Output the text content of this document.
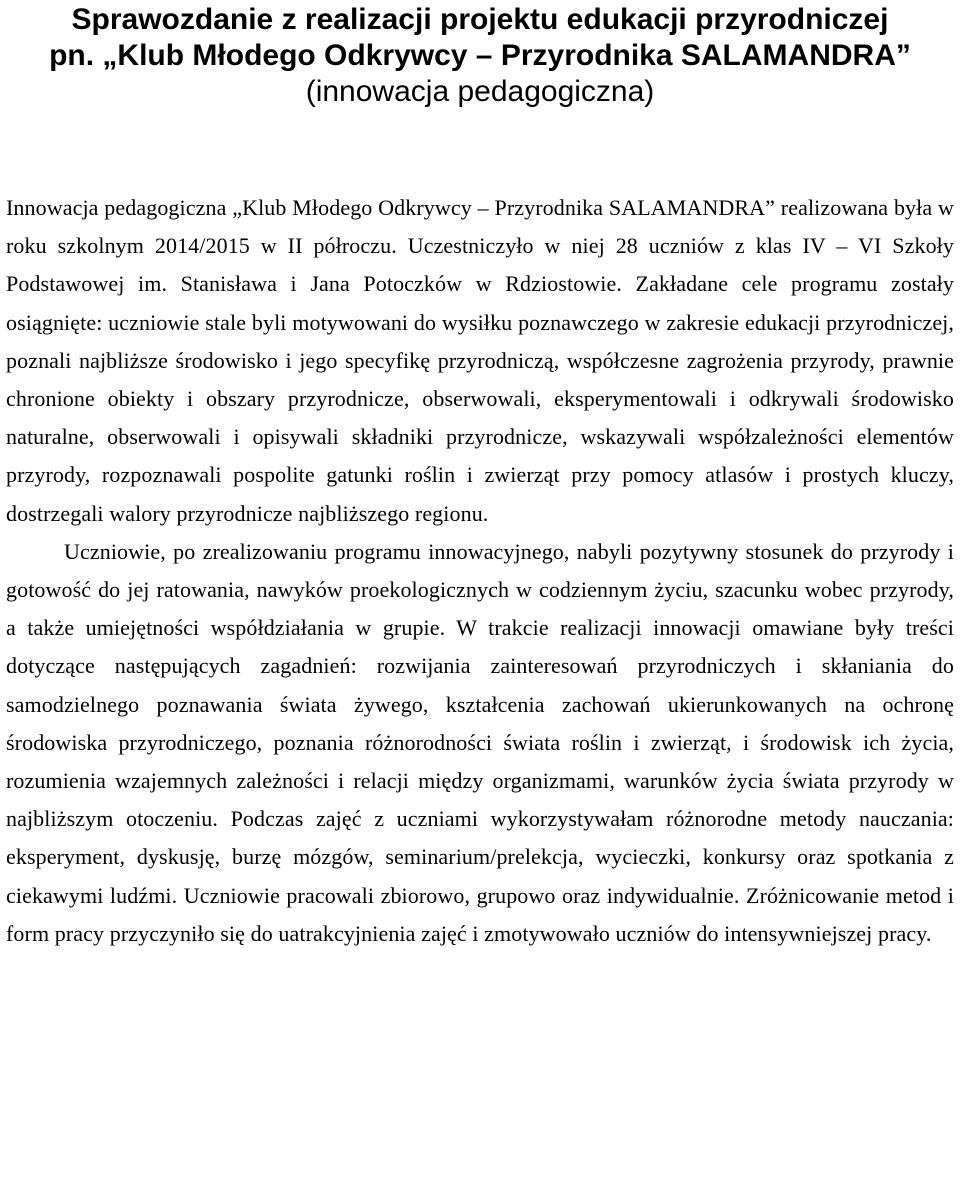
Sprawozdanie z realizacji projektu edukacji przyrodniczej
pn. „Klub Młodego Odkrywcy – Przyrodnika SALAMANDRA”

(innowacja pedagogiczna)

Innowacja pedagogiczna „Klub Młodego Odkrywcy – Przyrodnika SALAMANDRA” realizowana była w roku szkolnym 2014/2015 w II półroczu. Uczestniczyło w niej 28 uczniów z klas IV – VI Szkoły Podstawowej im. Stanisława i Jana Potoczków w Rdziostowie. Zakładane cele programu zostały osiągnięte: uczniowie stale byli motywowani do wysiłku poznawczego w zakresie edukacji przyrodniczej, poznali najbliższe środowisko i jego specyfikę przyrodniczą, współczesne zagrożenia przyrody, prawnie chronione obiekty i obszary przyrodnicze, obserwowali, eksperymentowali i odkrywali środowisko naturalne, obserwowali i opisywali składniki przyrodnicze, wskazywali współzależności elementów przyrody, rozpoznawali pospolite gatunki roślin i zwierząt przy pomocy atlasów i prostych kluczy, dostrzegali walory przyrodnicze najbliższego regionu.

Uczniowie, po zrealizowaniu programu innowacyjnego, nabyli pozytywny stosunek do przyrody i gotowość do jej ratowania, nawyków proekologicznych w codziennym życiu, szacunku wobec przyrody, a także umiejętności współdziałania w grupie. W trakcie realizacji innowacji omawiane były treści dotyczące następujących zagadnień: rozwijania zainteresowań przyrodniczych i skłaniania do samodzielnego poznawania świata żywego, kształcenia zachowań ukierunkowanych na ochronę środowiska przyrodniczego, poznania różnorodności świata roślin i zwierząt, i środowisk ich życia, rozumienia wzajemnych zależności i relacji między organizmami, warunków życia świata przyrody w najbliższym otoczeniu. Podczas zajęć z uczniami wykorzystywałam różnorodne metody nauczania: eksperyment, dyskusję, burzę mózgów, seminarium/prelekcja, wycieczki, konkursy oraz spotkania z ciekawymi ludźmi. Uczniowie pracowali zbiorowo, grupowo oraz indywidualnie. Zróżnicowanie metod i form pracy przyczyniło się do uatrakcyjnienia zajęć i zmotywowało uczniów do intensywniejszej pracy.
